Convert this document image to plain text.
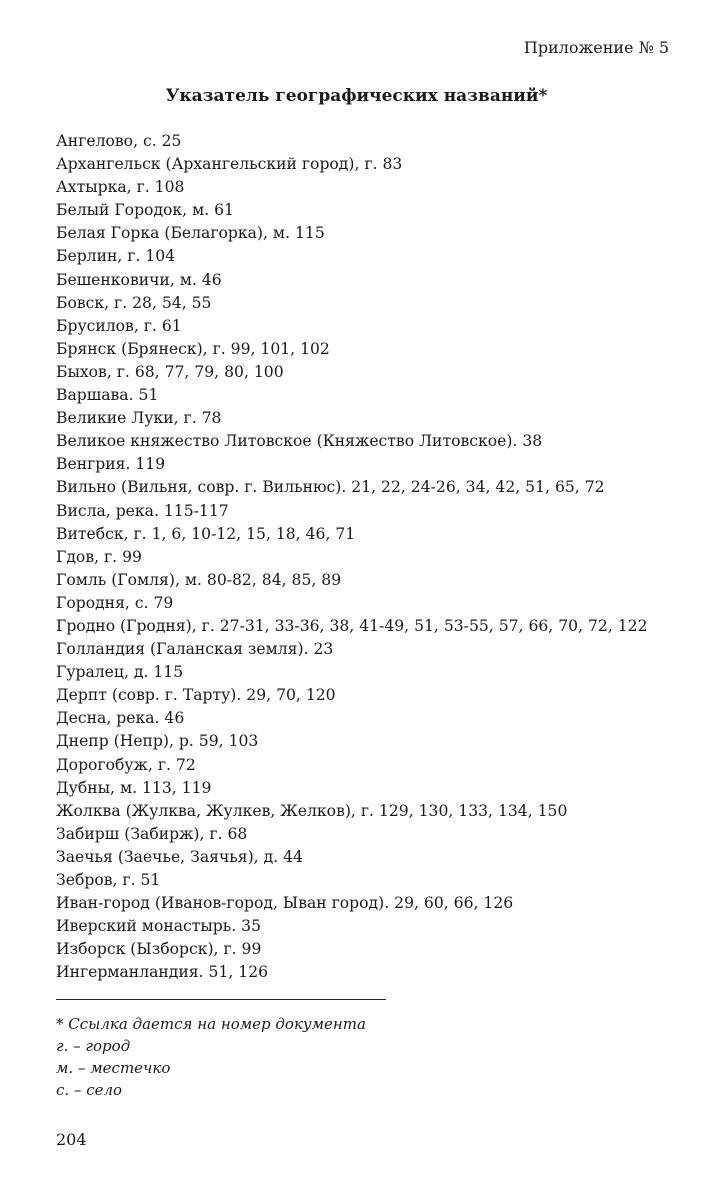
Приложение № 5
Указатель географических названий*
Ангелово, с. 25
Архангельск (Архангельский город), г. 83
Ахтырка, г. 108
Белый Городок, м. 61
Белая Горка (Белагорка), м. 115
Берлин, г. 104
Бешенковичи, м. 46
Бовск, г. 28, 54, 55
Брусилов, г. 61
Брянск (Брянеск), г. 99, 101, 102
Быхов, г. 68, 77, 79, 80, 100
Варшава. 51
Великие Луки, г. 78
Великое княжество Литовское (Княжество Литовское). 38
Венгрия. 119
Вильно (Вильня, совр. г. Вильнюс). 21, 22, 24-26, 34, 42, 51, 65, 72
Висла, река. 115-117
Витебск, г. 1, 6, 10-12, 15, 18, 46, 71
Гдов, г. 99
Гомль (Гомля), м. 80-82, 84, 85, 89
Городня, с. 79
Гродно (Гродня), г. 27-31, 33-36, 38, 41-49, 51, 53-55, 57, 66, 70, 72, 122
Голландия (Галанская земля). 23
Гуралец, д. 115
Дерпт (совр. г. Тарту). 29, 70, 120
Десна, река. 46
Днепр (Непр), р. 59, 103
Дорогобуж, г. 72
Дубны, м. 113, 119
Жолква (Жулква, Жулкев, Желков), г. 129, 130, 133, 134, 150
Забирш (Забирж), г. 68
Заечья (Заечье, Заячья), д. 44
Зебров, г. 51
Иван-город (Иванов-город, Ыван город). 29, 60, 66, 126
Иверский монастырь. 35
Изборск (Ызборск), г. 99
Ингерманландия. 51, 126
* Ссылка дается на номер документа
г. – город
м. – местечко
с. – село
204
